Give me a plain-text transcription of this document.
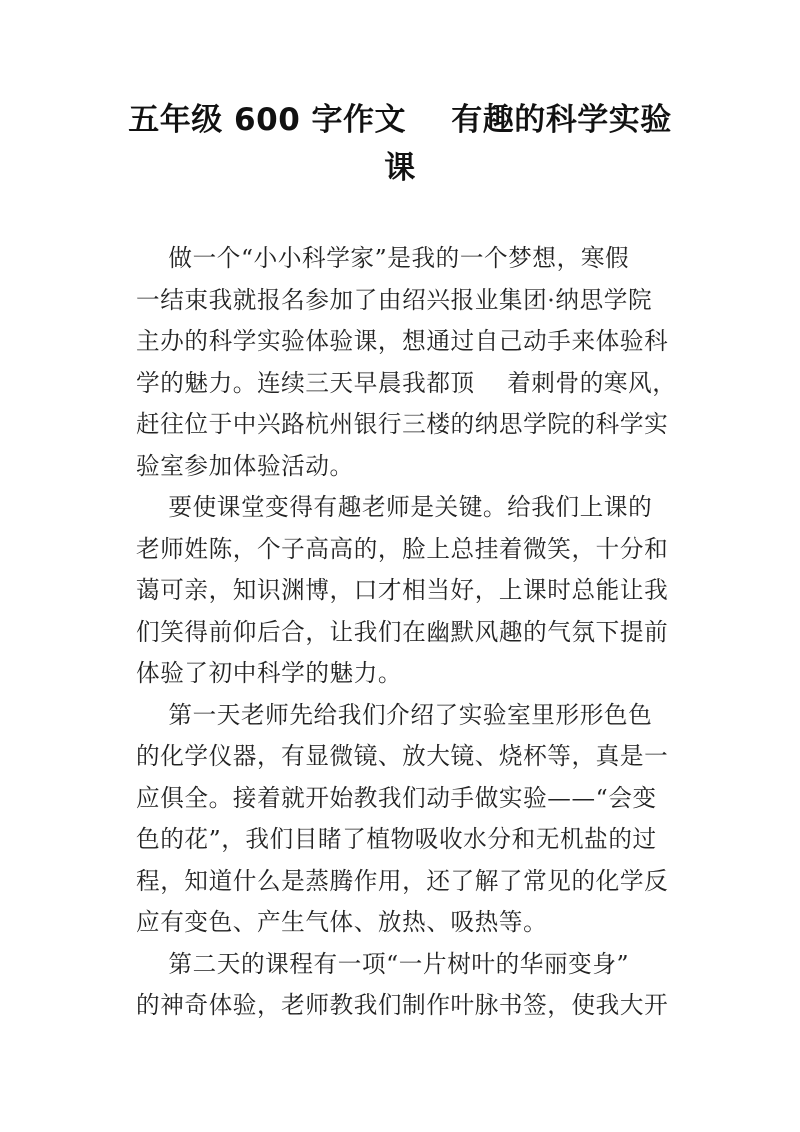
五年级 600 字作文    有趣的科学实验
课
做一个“小小科学家”是我的一个梦想，寒假
一结束我就报名参加了由绍兴报业集团·纳思学院
主办的科学实验体验课，想通过自己动手来体验科
学的魅力。连续三天早晨我都顶    着刺骨的寒风，
赶往位于中兴路杭州银行三楼的纳思学院的科学实
验室参加体验活动。
要使课堂变得有趣老师是关键。给我们上课的
老师姓陈，个子高高的，脸上总挂着微笑，十分和
蔼可亲，知识渊博，口才相当好，上课时总能让我
们笑得前仰后合，让我们在幽默风趣的气氛下提前
体验了初中科学的魅力。
第一天老师先给我们介绍了实验室里形形色色
的化学仪器，有显微镜、放大镜、烧杯等，真是一
应俱全。接着就开始教我们动手做实验——“会变
色的花”，我们目睹了植物吸收水分和无机盐的过
程，知道什么是蒸腾作用，还了解了常见的化学反
应有变色、产生气体、放热、吸热等。
第二天的课程有一项“一片树叶的华丽变身”
的神奇体验，老师教我们制作叶脉书签，使我大开
